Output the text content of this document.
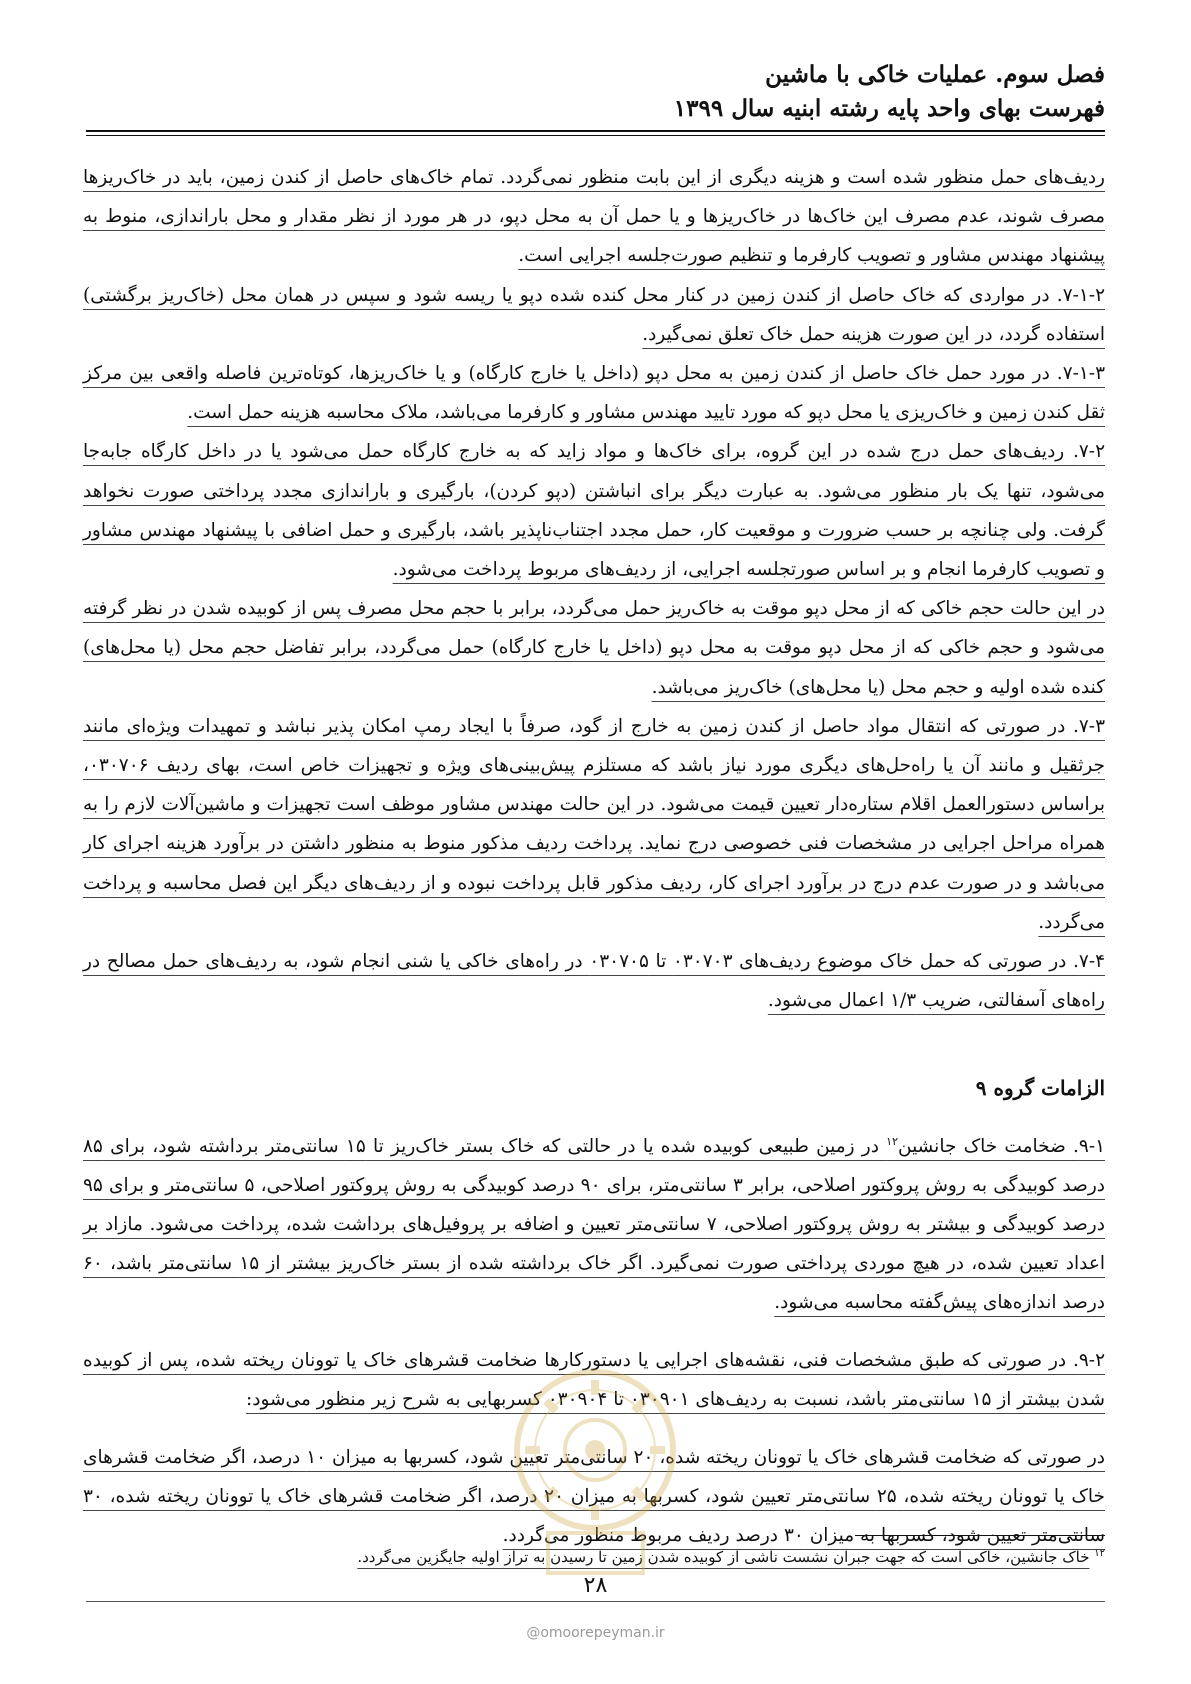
فصل سوم. عملیات خاکی با ماشین
فهرست بهای واحد پایه رشته ابنیه سال ۱۳۹۹

ردیف‌های حمل منظور شده است و هزینه دیگری از این بابت منظور نمی‌گردد. تمام خاک‌های حاصل از کندن زمین، باید در خاک‌ریزها مصرف شوند، عدم مصرف این خاک‌ها در خاک‌ریزها و یا حمل آن به محل دپو، در هر مورد از نظر مقدار و محل باراندازی، منوط به پیشنهاد مهندس مشاور و تصویب کارفرما و تنظیم صورت‌جلسه اجرایی است.

۷-۱-۲. در مواردی که خاک حاصل از کندن زمین در کنار محل کنده شده دپو یا ریسه شود و سپس در همان محل (خاک‌ریز برگشتی) استفاده گردد، در این صورت هزینه حمل خاک تعلق نمی‌گیرد.

۷-۱-۳. در مورد حمل خاک حاصل از کندن زمین به محل دپو (داخل یا خارج کارگاه) و یا خاک‌ریزها، کوتاه‌ترین فاصله واقعی بین مرکز ثقل کندن زمین و خاک‌ریزی یا محل دپو که مورد تایید مهندس مشاور و کارفرما می‌باشد، ملاک محاسبه هزینه حمل است.

۷-۲. ردیف‌های حمل درج شده در این گروه، برای خاک‌ها و مواد زاید که به خارج کارگاه حمل می‌شود یا در داخل کارگاه جابه‌جا می‌شود، تنها یک بار منظور می‌شود. به عبارت دیگر برای انباشتن (دپو کردن)، بارگیری و باراندازی مجدد پرداختی صورت نخواهد گرفت. ولی چنانچه بر حسب ضرورت و موقعیت کار، حمل مجدد اجتناب‌ناپذیر باشد، بارگیری و حمل اضافی با پیشنهاد مهندس مشاور و تصویب کارفرما انجام و بر اساس صورتجلسه اجرایی، از ردیف‌های مربوط پرداخت می‌شود.

در این حالت حجم خاکی که از محل دپو موقت به خاک‌ریز حمل می‌گردد، برابر با حجم محل مصرف پس از کوبیده شدن در نظر گرفته می‌شود و حجم خاکی که از محل دپو موقت به محل دپو (داخل یا خارج کارگاه) حمل می‌گردد، برابر تفاضل حجم محل (یا محل‌های) کنده شده اولیه و حجم محل (یا محل‌های) خاک‌ریز می‌باشد.

۷-۳. در صورتی که انتقال مواد حاصل از کندن زمین به خارج از گود، صرفاً با ایجاد رمپ امکان پذیر نباشد و تمهیدات ویژه‌ای مانند جرثقیل و مانند آن یا راه‌حل‌های دیگری مورد نیاز باشد که مستلزم پیش‌بینی‌های ویژه و تجهیزات خاص است، بهای ردیف ۰۳۰۷۰۶، براساس دستورالعمل اقلام ستاره‌دار تعیین قیمت می‌شود. در این حالت مهندس مشاور موظف است تجهیزات و ماشین‌آلات لازم را به همراه مراحل اجرایی در مشخصات فنی خصوصی درج نماید. پرداخت ردیف مذکور منوط به منظور داشتن در برآورد هزینه اجرای کار می‌باشد و در صورت عدم درج در برآورد اجرای کار، ردیف مذکور قابل پرداخت نبوده و از ردیف‌های دیگر این فصل محاسبه و پرداخت می‌گردد.

۷-۴. در صورتی که حمل خاک موضوع ردیف‌های ۰۳۰۷۰۳ تا ۰۳۰۷۰۵ در راه‌های خاکی یا شنی انجام شود، به ردیف‌های حمل مصالح در راه‌های آسفالتی، ضریب ۱/۳ اعمال می‌شود.

الزامات گروه ۹

۹-۱. ضخامت خاک جانشین$^{۱۲}$ در زمین طبیعی کوبیده شده یا در حالتی که خاک بستر خاک‌ریز تا ۱۵ سانتی‌متر برداشته شود، برای ۸۵ درصد کوبیدگی به روش پروکتور اصلاحی، برابر ۳ سانتی‌متر، برای ۹۰ درصد کوبیدگی به روش پروکتور اصلاحی، ۵ سانتی‌متر و برای ۹۵ درصد کوبیدگی و بیشتر به روش پروکتور اصلاحی، ۷ سانتی‌متر تعیین و اضافه بر پروفیل‌های برداشت شده، پرداخت می‌شود. مازاد بر اعداد تعیین شده، در هیچ موردی پرداختی صورت نمی‌گیرد. اگر خاک برداشته شده از بستر خاک‌ریز بیشتر از ۱۵ سانتی‌متر باشد، ۶۰ درصد اندازه‌های پیش‌گفته محاسبه می‌شود.

۹-۲. در صورتی که طبق مشخصات فنی، نقشه‌های اجرایی یا دستورکارها ضخامت قشرهای خاک یا توونان ریخته شده، پس از کوبیده شدن بیشتر از ۱۵ سانتی‌متر باشد، نسبت به ردیف‌های ۰۳۰۹۰۱ تا ۰۳۰۹۰۴ کسربهایی به شرح زیر منظور می‌شود:

در صورتی که ضخامت قشرهای خاک یا توونان ریخته شده، ۲۰ سانتی‌متر تعیین شود، کسربها به میزان ۱۰ درصد، اگر ضخامت قشرهای خاک یا توونان ریخته شده، ۲۵ سانتی‌متر تعیین شود، کسربها به میزان ۲۰ درصد، اگر ضخامت قشرهای خاک یا توونان ریخته شده، ۳۰ سانتی‌متر تعیین شود، کسربها به میزان ۳۰ درصد ردیف مربوط منظور می‌گردد.

$^{۱۲}$ خاک جانشین، خاکی است که جهت جبران نشست ناشی از کوبیده شدن زمین تا رسیدن به تراز اولیه جایگزین می‌گردد.
۲۸
@omoorepeyman.ir
